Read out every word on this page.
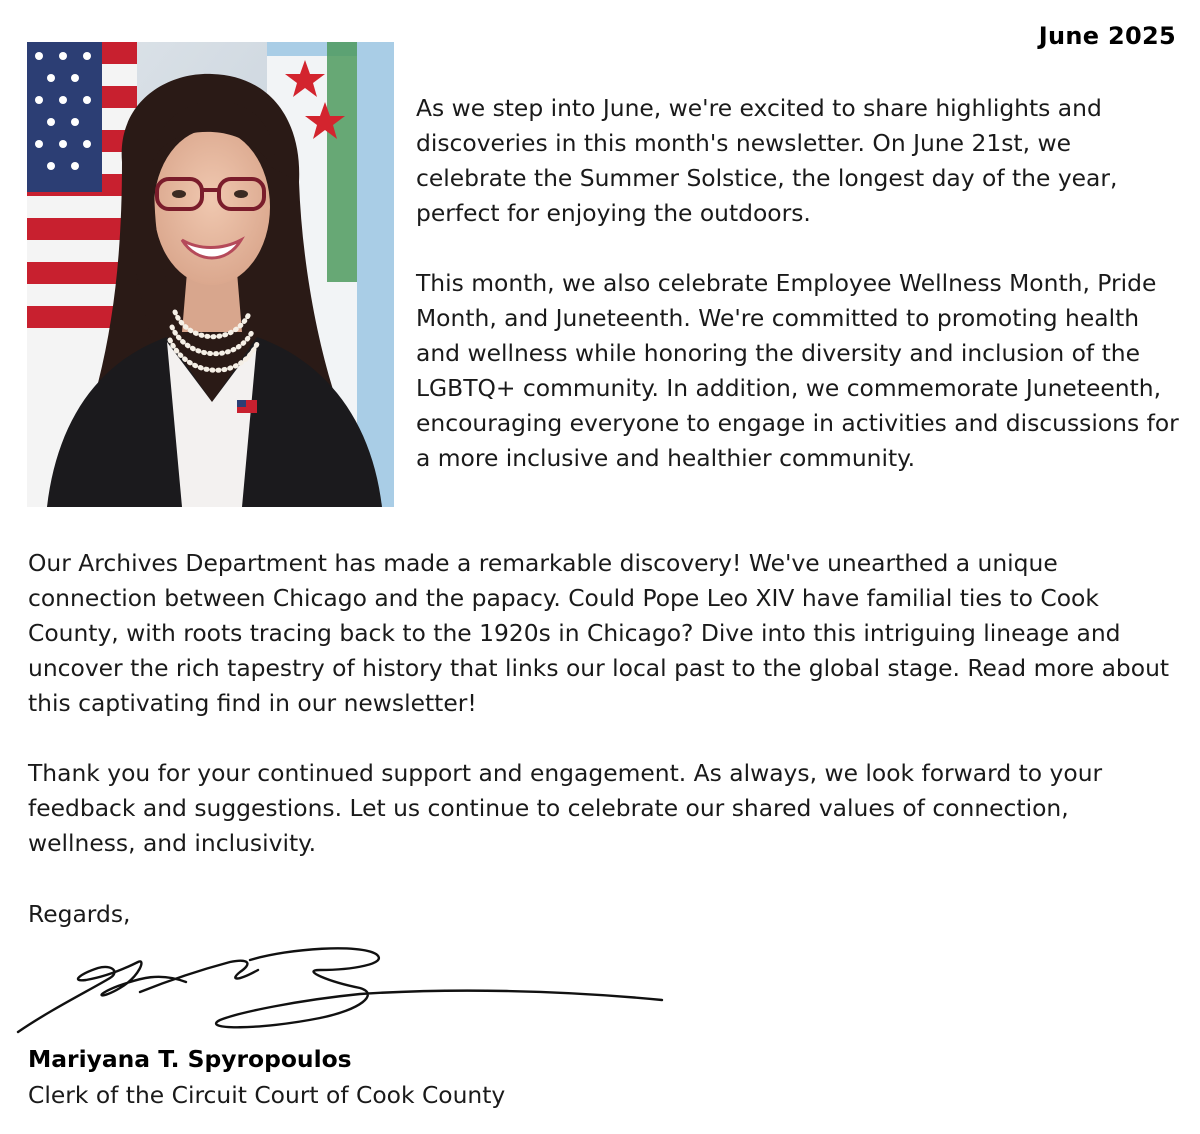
June 2025

As we step into June, we're excited to share highlights and discoveries in this month's newsletter. On June 21st, we celebrate the Summer Solstice, the longest day of the year, perfect for enjoying the outdoors.

This month, we also celebrate Employee Wellness Month, Pride Month, and Juneteenth. We're committed to promoting health and wellness while honoring the diversity and inclusion of the LGBTQ+ community. In addition, we commemorate Juneteenth, encouraging everyone to engage in activities and discussions for a more inclusive and healthier community.

Our Archives Department has made a remarkable discovery! We've unearthed a unique connection between Chicago and the papacy. Could Pope Leo XIV have familial ties to Cook County, with roots tracing back to the 1920s in Chicago? Dive into this intriguing lineage and uncover the rich tapestry of history that links our local past to the global stage. Read more about this captivating find in our newsletter!

Thank you for your continued support and engagement. As always, we look forward to your feedback and suggestions. Let us continue to celebrate our shared values of connection, wellness, and inclusivity.

Regards,
Mariyana T. Spyropoulos
Clerk of the Circuit Court of Cook County
